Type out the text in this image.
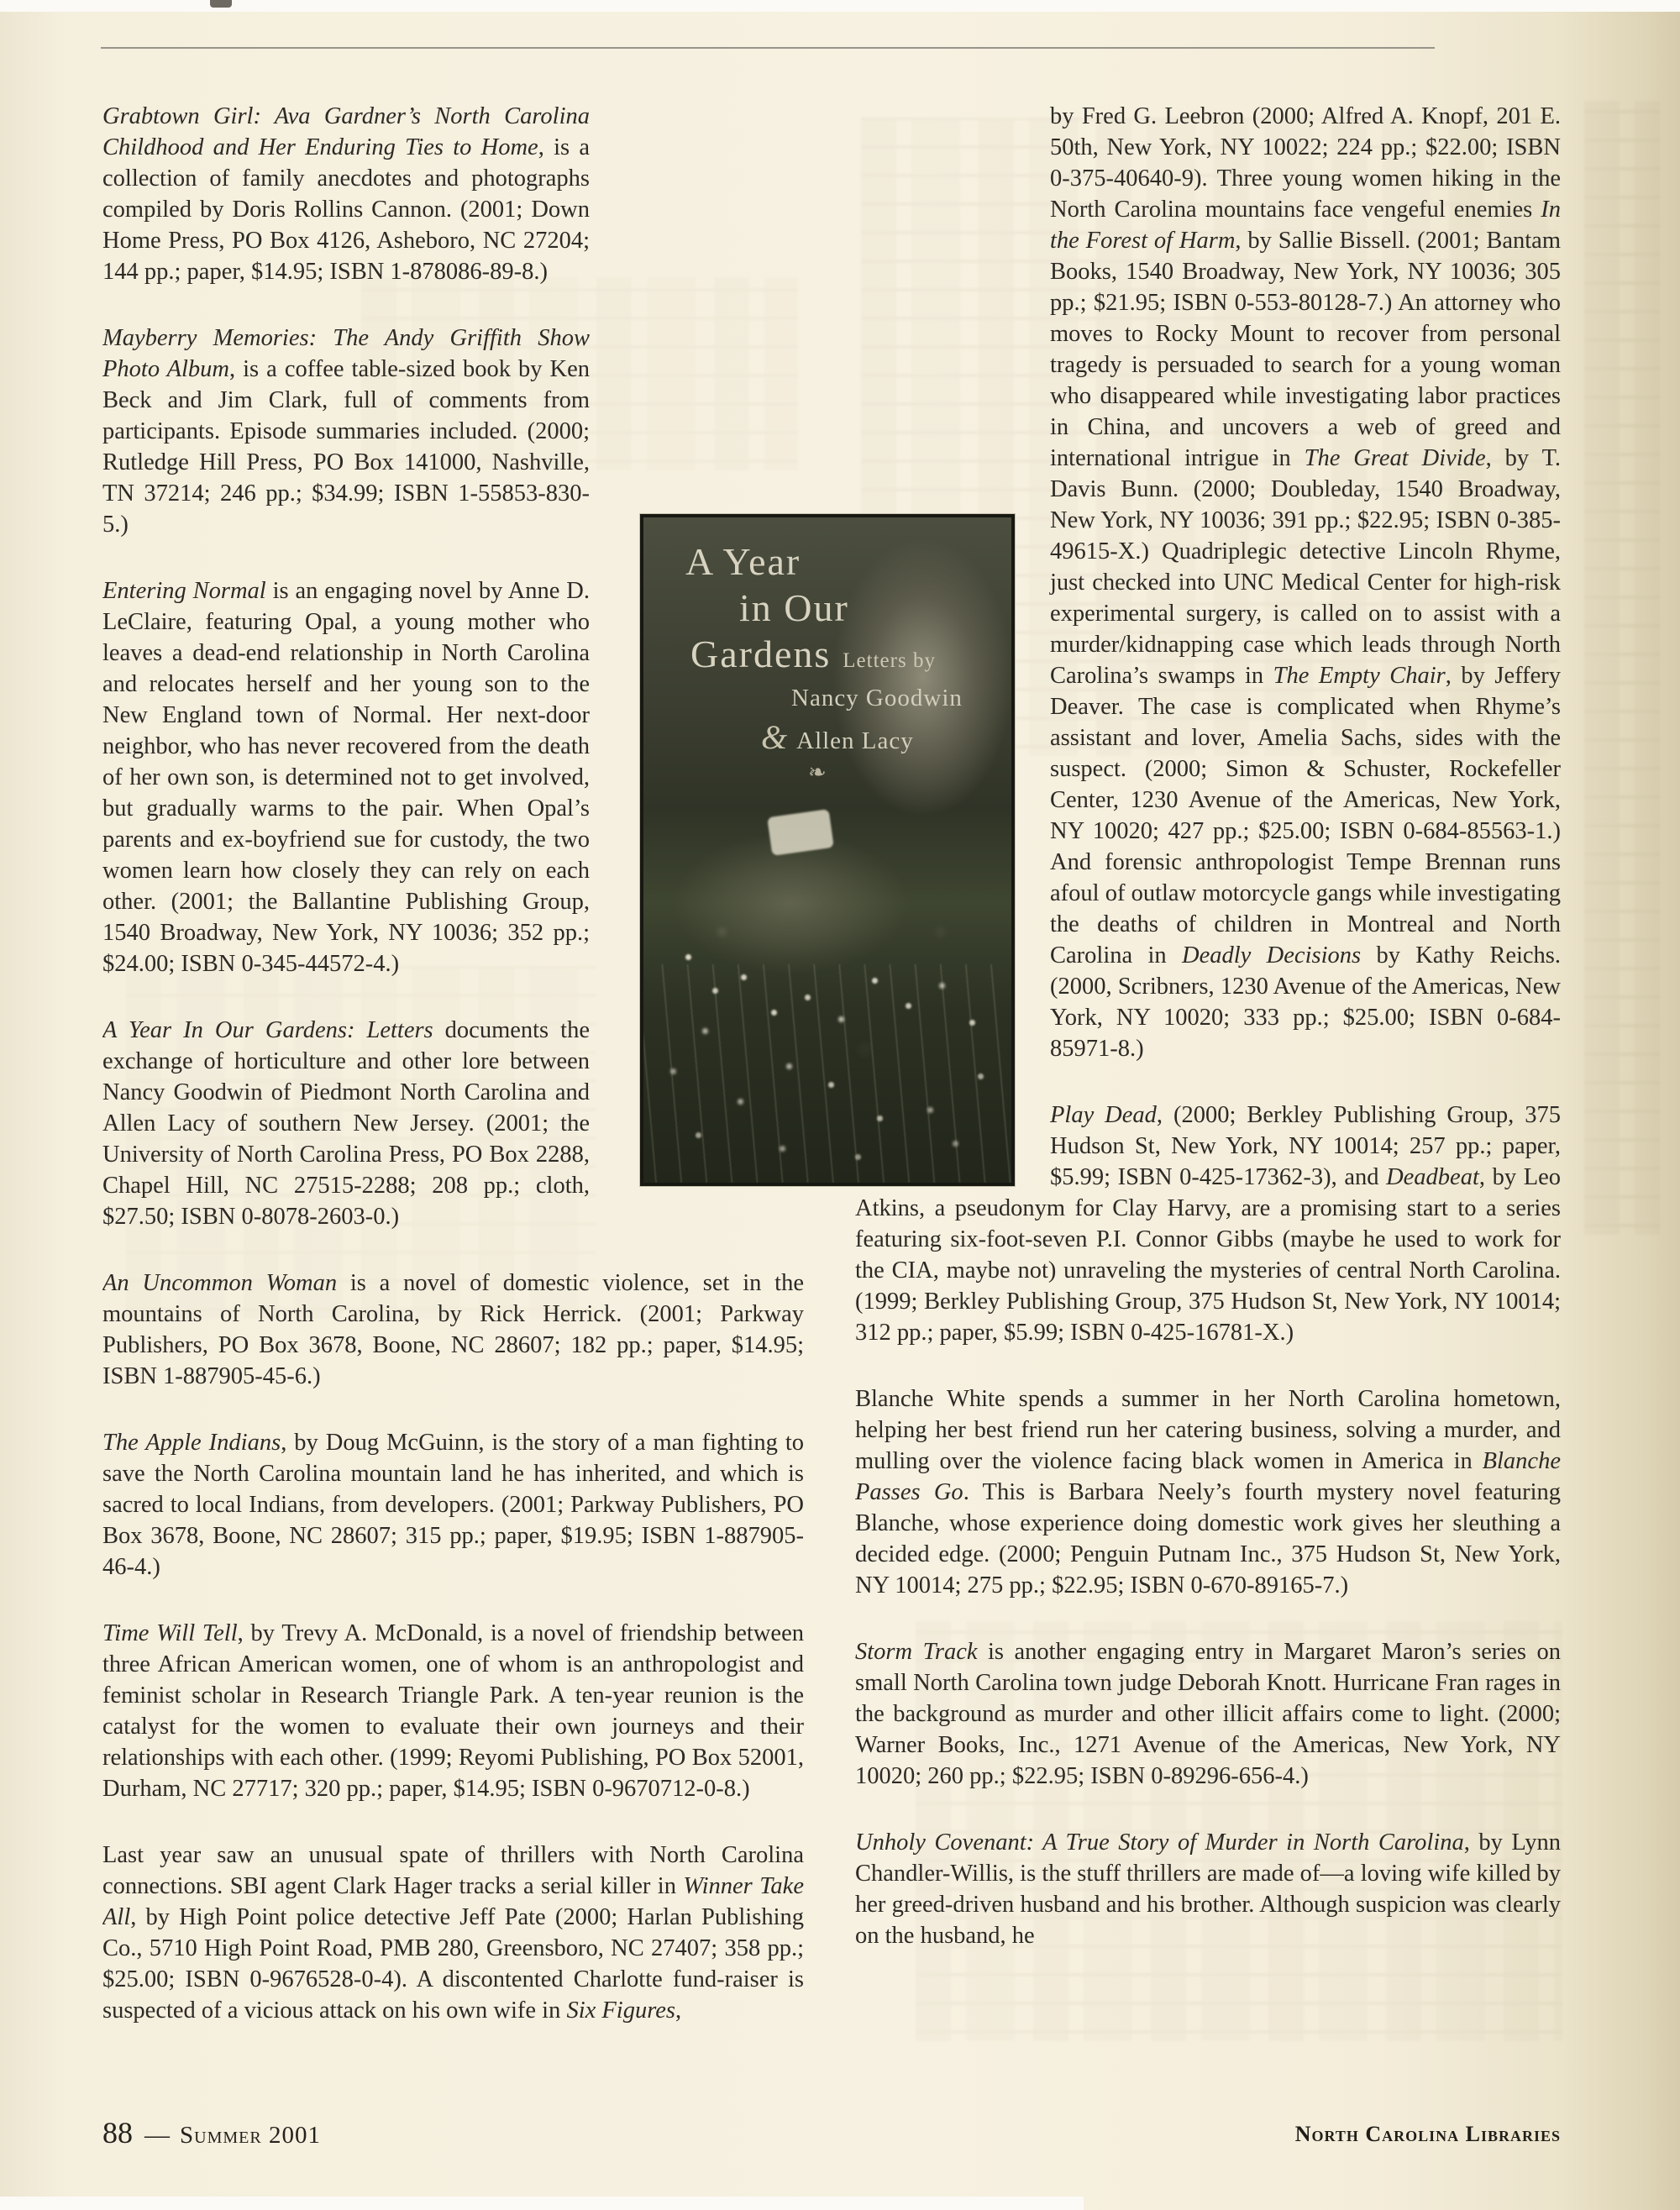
Grabtown Girl: Ava Gardner’s North Carolina Childhood and Her Enduring Ties to Home, is a collection of family anecdotes and photographs compiled by Doris Rollins Cannon. (2001; Down Home Press, PO Box 4126, Asheboro, NC 27204; 144 pp.; paper, $14.95; ISBN 1-878086-89-8.)

Mayberry Memories: The Andy Griffith Show Photo Album, is a coffee table-sized book by Ken Beck and Jim Clark, full of comments from participants. Episode summaries included. (2000; Rutledge Hill Press, PO Box 141000, Nashville, TN 37214; 246 pp.; $34.99; ISBN 1-55853-830-5.)

Entering Normal is an engaging novel by Anne D. LeClaire, featuring Opal, a young mother who leaves a dead-end relationship in North Carolina and relocates herself and her young son to the New England town of Normal. Her next-door neighbor, who has never recovered from the death of her own son, is determined not to get involved, but gradually warms to the pair. When Opal’s parents and ex-boyfriend sue for custody, the two women learn how closely they can rely on each other. (2001; the Ballantine Publishing Group, 1540 Broadway, New York, NY 10036; 352 pp.; $24.00; ISBN 0-345-44572-4.)

A Year In Our Gardens: Letters documents the exchange of horticulture and other lore between Nancy Goodwin of Piedmont North Carolina and Allen Lacy of southern New Jersey. (2001; the University of North Carolina Press, PO Box 2288, Chapel Hill, NC 27515-2288; 208 pp.; cloth, $27.50; ISBN 0-8078-2603-0.)

An Uncommon Woman is a novel of domestic violence, set in the mountains of North Carolina, by Rick Herrick. (2001; Parkway Publishers, PO Box 3678, Boone, NC 28607; 182 pp.; paper, $14.95; ISBN 1-887905-45-6.)

The Apple Indians, by Doug McGuinn, is the story of a man fighting to save the North Carolina mountain land he has inherited, and which is sacred to local Indians, from developers. (2001; Parkway Publishers, PO Box 3678, Boone, NC 28607; 315 pp.; paper, $19.95; ISBN 1-887905-46-4.)

Time Will Tell, by Trevy A. McDonald, is a novel of friendship between three African American women, one of whom is an anthropologist and feminist scholar in Research Triangle Park. A ten-year reunion is the catalyst for the women to evaluate their own journeys and their relationships with each other. (1999; Reyomi Publishing, PO Box 52001, Durham, NC 27717; 320 pp.; paper, $14.95; ISBN 0-9670712-0-8.)

Last year saw an unusual spate of thrillers with North Carolina connections. SBI agent Clark Hager tracks a serial killer in Winner Take All, by High Point police detective Jeff Pate (2000; Harlan Publishing Co., 5710 High Point Road, PMB 280, Greensboro, NC 27407; 358 pp.; $25.00; ISBN 0-9676528-0-4). A discontented Charlotte fund-raiser is suspected of a vicious attack on his own wife in Six Figures,

by Fred G. Leebron (2000; Alfred A. Knopf, 201 E. 50th, New York, NY 10022; 224 pp.; $22.00; ISBN 0-375-40640-9). Three young women hiking in the North Carolina mountains face vengeful enemies In the Forest of Harm, by Sallie Bissell. (2001; Bantam Books, 1540 Broadway, New York, NY 10036; 305 pp.; $21.95; ISBN 0-553-80128-7.) An attorney who moves to Rocky Mount to recover from personal tragedy is persuaded to search for a young woman who disappeared while investigating labor practices in China, and uncovers a web of greed and international intrigue in The Great Divide, by T. Davis Bunn. (2000; Doubleday, 1540 Broadway, New York, NY 10036; 391 pp.; $22.95; ISBN 0-385-49615-X.) Quadriplegic detective Lincoln Rhyme, just checked into UNC Medical Center for high-risk experimental surgery, is called on to assist with a murder/kidnapping case which leads through North Carolina’s swamps in The Empty Chair, by Jeffery Deaver. The case is complicated when Rhyme’s assistant and lover, Amelia Sachs, sides with the suspect. (2000; Simon & Schuster, Rockefeller Center, 1230 Avenue of the Americas, New York, NY 10020; 427 pp.; $25.00; ISBN 0-684-85563-1.) And forensic anthropologist Tempe Brennan runs afoul of outlaw motorcycle gangs while investigating the deaths of children in Montreal and North Carolina in Deadly Decisions by Kathy Reichs. (2000, Scribners, 1230 Avenue of the Americas, New York, NY 10020; 333 pp.; $25.00; ISBN 0-684-85971-8.)

Play Dead, (2000; Berkley Publishing Group, 375 Hudson St, New York, NY 10014; 257 pp.; paper, $5.99; ISBN 0-425-17362-3), and Deadbeat, by Leo Atkins, a pseudonym for Clay Harvy, are a promising start to a series featuring six-foot-seven P.I. Connor Gibbs (maybe he used to work for the CIA, maybe not) unraveling the mysteries of central North Carolina. (1999; Berkley Publishing Group, 375 Hudson St, New York, NY 10014; 312 pp.; paper, $5.99; ISBN 0-425-16781-X.)

Blanche White spends a summer in her North Carolina hometown, helping her best friend run her catering business, solving a murder, and mulling over the violence facing black women in America in Blanche Passes Go. This is Barbara Neely’s fourth mystery novel featuring Blanche, whose experience doing domestic work gives her sleuthing a decided edge. (2000; Penguin Putnam Inc., 375 Hudson St, New York, NY 10014; 275 pp.; $22.95; ISBN 0-670-89165-7.)

Storm Track is another engaging entry in Margaret Maron’s series on small North Carolina town judge Deborah Knott. Hurricane Fran rages in the background as murder and other illicit affairs come to light. (2000; Warner Books, Inc., 1271 Avenue of the Americas, New York, NY 10020; 260 pp.; $22.95; ISBN 0-89296-656-4.)

Unholy Covenant: A True Story of Murder in North Carolina, by Lynn Chandler-Willis, is the stuff thrillers are made of—a loving wife killed by her greed-driven husband and his brother. Although suspicion was clearly on the husband, he

A Year
in Our
Gardens Letters by
Nancy Goodwin
& Allen Lacy
❧
88 — Summer 2001	North Carolina Libraries
